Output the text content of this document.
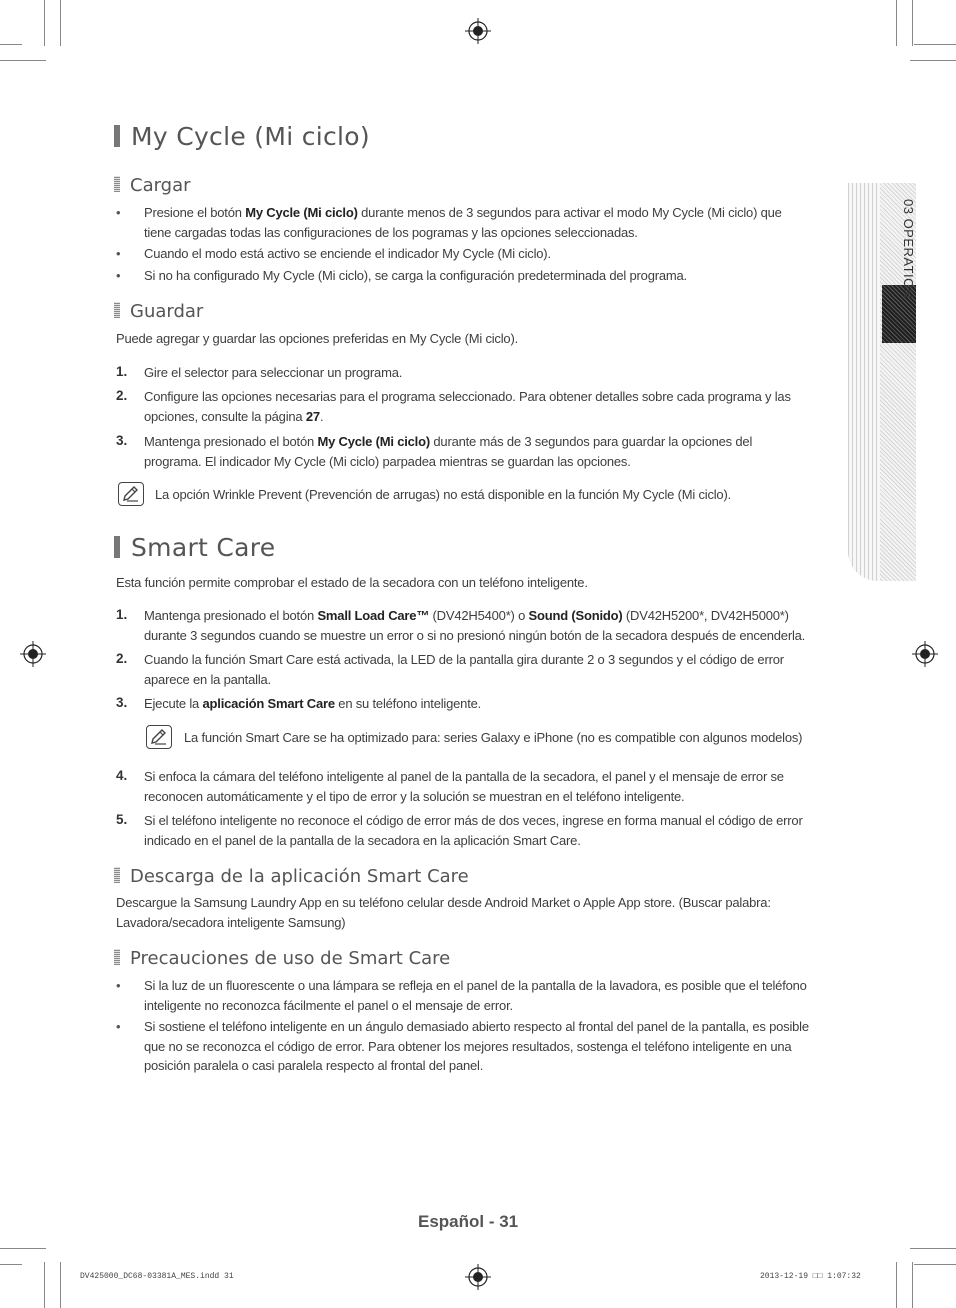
03 OPERATION
My Cycle (Mi ciclo)
Cargar
• Presione el botón My Cycle (Mi ciclo) durante menos de 3 segundos para activar el modo My Cycle (Mi ciclo) que
tiene cargadas todas las configuraciones de los pogramas y las opciones seleccionadas.
• Cuando el modo está activo se enciende el indicador My Cycle (Mi ciclo).
• Si no ha configurado My Cycle (Mi ciclo), se carga la configuración predeterminada del programa.
Guardar
Puede agregar y guardar las opciones preferidas en My Cycle (Mi ciclo).
1. Gire el selector para seleccionar un programa.
2. Configure las opciones necesarias para el programa seleccionado. Para obtener detalles sobre cada programa y las
opciones, consulte la página 27.
3. Mantenga presionado el botón My Cycle (Mi ciclo) durante más de 3 segundos para guardar la opciones del
programa. El indicador My Cycle (Mi ciclo) parpadea mientras se guardan las opciones.
La opción Wrinkle Prevent (Prevención de arrugas) no está disponible en la función My Cycle (Mi ciclo).
Smart Care
Esta función permite comprobar el estado de la secadora con un teléfono inteligente.
1. Mantenga presionado el botón Small Load Care™ (DV42H5400*) o Sound (Sonido) (DV42H5200*, DV42H5000*)
durante 3 segundos cuando se muestre un error o si no presionó ningún botón de la secadora después de encenderla.
2. Cuando la función Smart Care está activada, la LED de la pantalla gira durante 2 o 3 segundos y el código de error
aparece en la pantalla.
3. Ejecute la aplicación Smart Care en su teléfono inteligente.
La función Smart Care se ha optimizado para: series Galaxy e iPhone (no es compatible con algunos modelos)
4. Si enfoca la cámara del teléfono inteligente al panel de la pantalla de la secadora, el panel y el mensaje de error se
reconocen automáticamente y el tipo de error y la solución se muestran en el teléfono inteligente.
5. Si el teléfono inteligente no reconoce el código de error más de dos veces, ingrese en forma manual el código de error
indicado en el panel de la pantalla de la secadora en la aplicación Smart Care.
Descarga de la aplicación Smart Care
Descargue la Samsung Laundry App en su teléfono celular desde Android Market o Apple App store. (Buscar palabra:
Lavadora/secadora inteligente Samsung)
Precauciones de uso de Smart Care
• Si la luz de un fluorescente o una lámpara se refleja en el panel de la pantalla de la lavadora, es posible que el teléfono
inteligente no reconozca fácilmente el panel o el mensaje de error.
• Si sostiene el teléfono inteligente en un ángulo demasiado abierto respecto al frontal del panel de la pantalla, es posible
que no se reconozca el código de error. Para obtener los mejores resultados, sostenga el teléfono inteligente en una
posición paralela o casi paralela respecto al frontal del panel.
Español - 31
DV425000_DC68-03381A_MES.indd 31	2013-12-19 □□ 1:07:32
